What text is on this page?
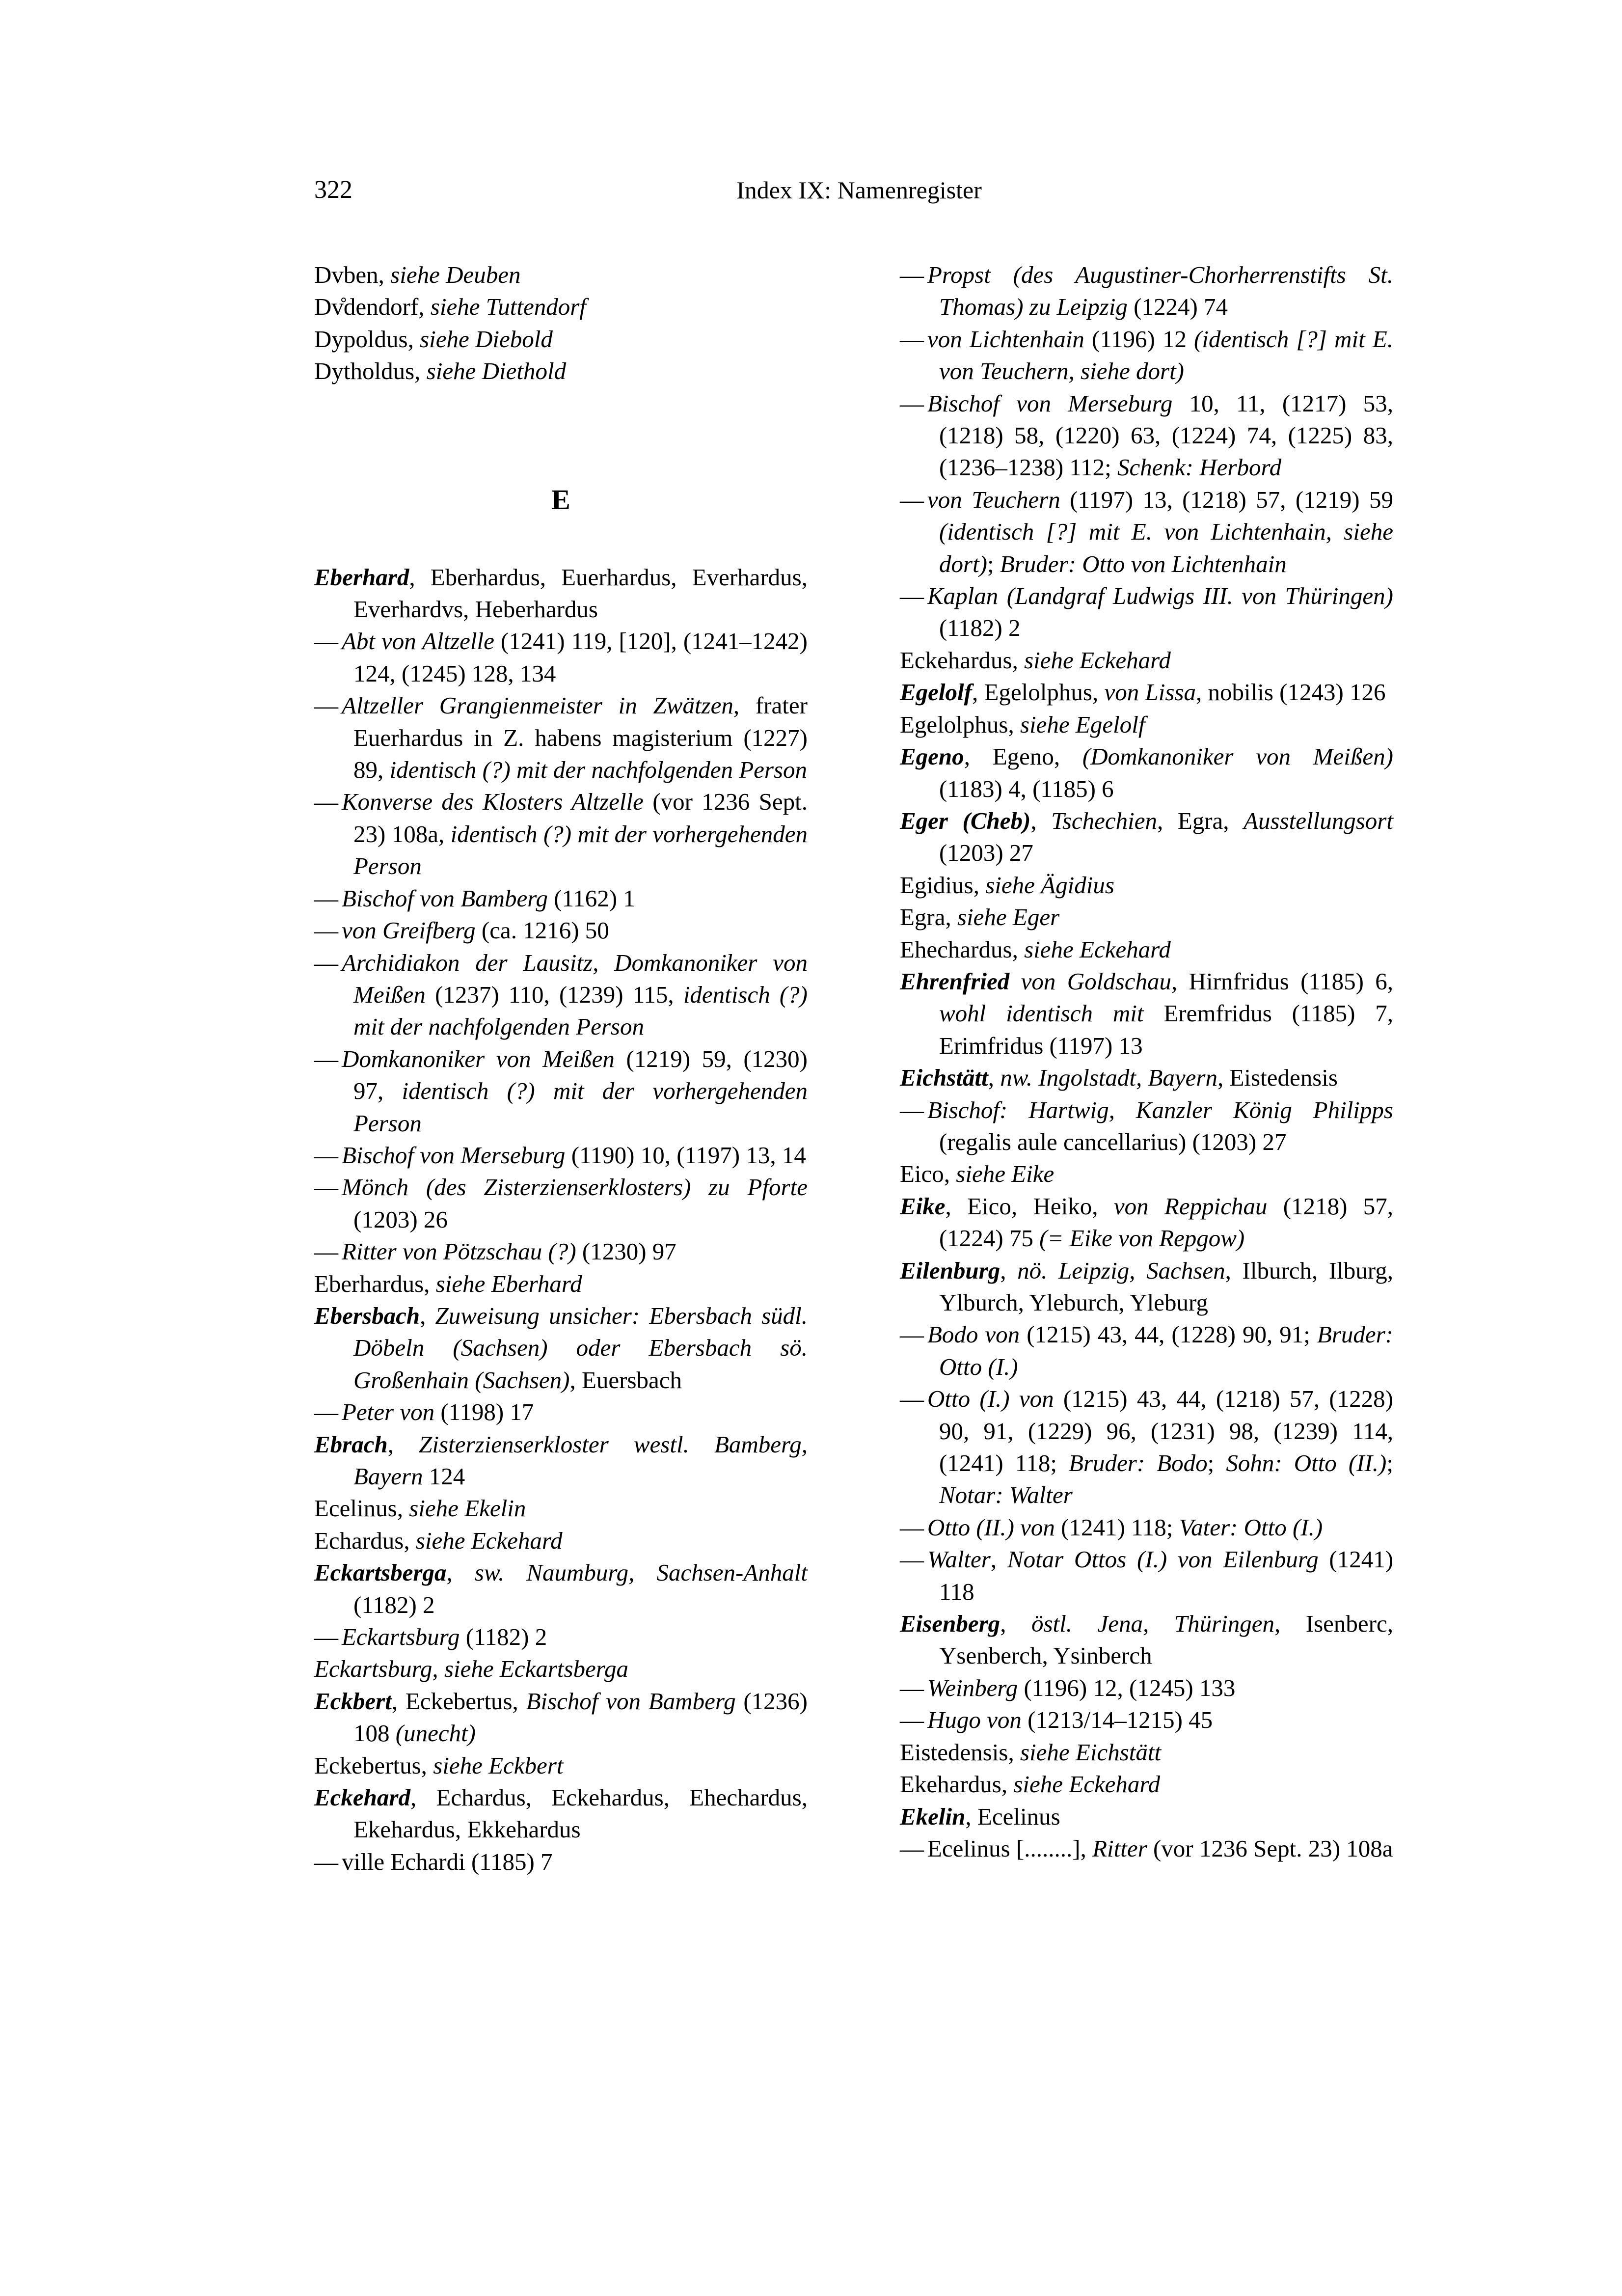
322	Index IX: Namenregister

Dvben, siehe Deuben

Dv̊dendorf, siehe Tuttendorf

Dypoldus, siehe Diebold

Dytholdus, siehe Diethold

E

Eberhard, Eberhardus, Euerhardus, Everhardus, Everhardvs, Heberhardus

— Abt von Altzelle (1241) 119, [120], (1241–1242) 124, (1245) 128, 134

— Altzeller Grangienmeister in Zwätzen, frater Euerhardus in Z. habens magisterium (1227) 89, identisch (?) mit der nachfolgenden Person

— Konverse des Klosters Altzelle (vor 1236 Sept. 23) 108a, identisch (?) mit der vorhergehenden Person

— Bischof von Bamberg (1162) 1

— von Greifberg (ca. 1216) 50

— Archidiakon der Lausitz, Domkanoniker von Meißen (1237) 110, (1239) 115, identisch (?) mit der nachfolgenden Person

— Domkanoniker von Meißen (1219) 59, (1230) 97, identisch (?) mit der vorhergehenden Person

— Bischof von Merseburg (1190) 10, (1197) 13, 14

— Mönch (des Zisterzienserklosters) zu Pforte (1203) 26

— Ritter von Pötzschau (?) (1230) 97

Eberhardus, siehe Eberhard

Ebersbach, Zuweisung unsicher: Ebersbach südl. Döbeln (Sachsen) oder Ebersbach sö. Großenhain (Sachsen), Euersbach

— Peter von (1198) 17

Ebrach, Zisterzienserkloster westl. Bamberg, Bayern 124

Ecelinus, siehe Ekelin

Echardus, siehe Eckehard

Eckartsberga, sw. Naumburg, Sachsen-Anhalt (1182) 2

— Eckartsburg (1182) 2

Eckartsburg, siehe Eckartsberga

Eckbert, Eckebertus, Bischof von Bamberg (1236) 108 (unecht)

Eckebertus, siehe Eckbert

Eckehard, Echardus, Eckehardus, Ehechardus, Ekehardus, Ekkehardus

— ville Echardi (1185) 7

— Propst (des Augustiner-Chorherrenstifts St. Thomas) zu Leipzig (1224) 74

— von Lichtenhain (1196) 12 (identisch [?] mit E. von Teuchern, siehe dort)

— Bischof von Merseburg 10, 11, (1217) 53, (1218) 58, (1220) 63, (1224) 74, (1225) 83, (1236–1238) 112; Schenk: Herbord

— von Teuchern (1197) 13, (1218) 57, (1219) 59 (identisch [?] mit E. von Lichtenhain, siehe dort); Bruder: Otto von Lichtenhain

— Kaplan (Landgraf Ludwigs III. von Thüringen) (1182) 2

Eckehardus, siehe Eckehard

Egelolf, Egelolphus, von Lissa, nobilis (1243) 126

Egelolphus, siehe Egelolf

Egeno, Egeno, (Domkanoniker von Meißen) (1183) 4, (1185) 6

Eger (Cheb), Tschechien, Egra, Ausstellungsort (1203) 27

Egidius, siehe Ägidius

Egra, siehe Eger

Ehechardus, siehe Eckehard

Ehrenfried von Goldschau, Hirnfridus (1185) 6, wohl identisch mit Eremfridus (1185) 7, Erimfridus (1197) 13

Eichstätt, nw. Ingolstadt, Bayern, Eistedensis

— Bischof: Hartwig, Kanzler König Philipps (regalis aule cancellarius) (1203) 27

Eico, siehe Eike

Eike, Eico, Heiko, von Reppichau (1218) 57, (1224) 75 (= Eike von Repgow)

Eilenburg, nö. Leipzig, Sachsen, Ilburch, Ilburg, Ylburch, Yleburch, Yleburg

— Bodo von (1215) 43, 44, (1228) 90, 91; Bruder: Otto (I.)

— Otto (I.) von (1215) 43, 44, (1218) 57, (1228) 90, 91, (1229) 96, (1231) 98, (1239) 114, (1241) 118; Bruder: Bodo; Sohn: Otto (II.); Notar: Walter

— Otto (II.) von (1241) 118; Vater: Otto (I.)

— Walter, Notar Ottos (I.) von Eilenburg (1241) 118

Eisenberg, östl. Jena, Thüringen, Isenberc, Ysenberch, Ysinberch

— Weinberg (1196) 12, (1245) 133

— Hugo von (1213/14–1215) 45

Eistedensis, siehe Eichstätt

Ekehardus, siehe Eckehard

Ekelin, Ecelinus

— Ecelinus [........], Ritter (vor 1236 Sept. 23) 108a
